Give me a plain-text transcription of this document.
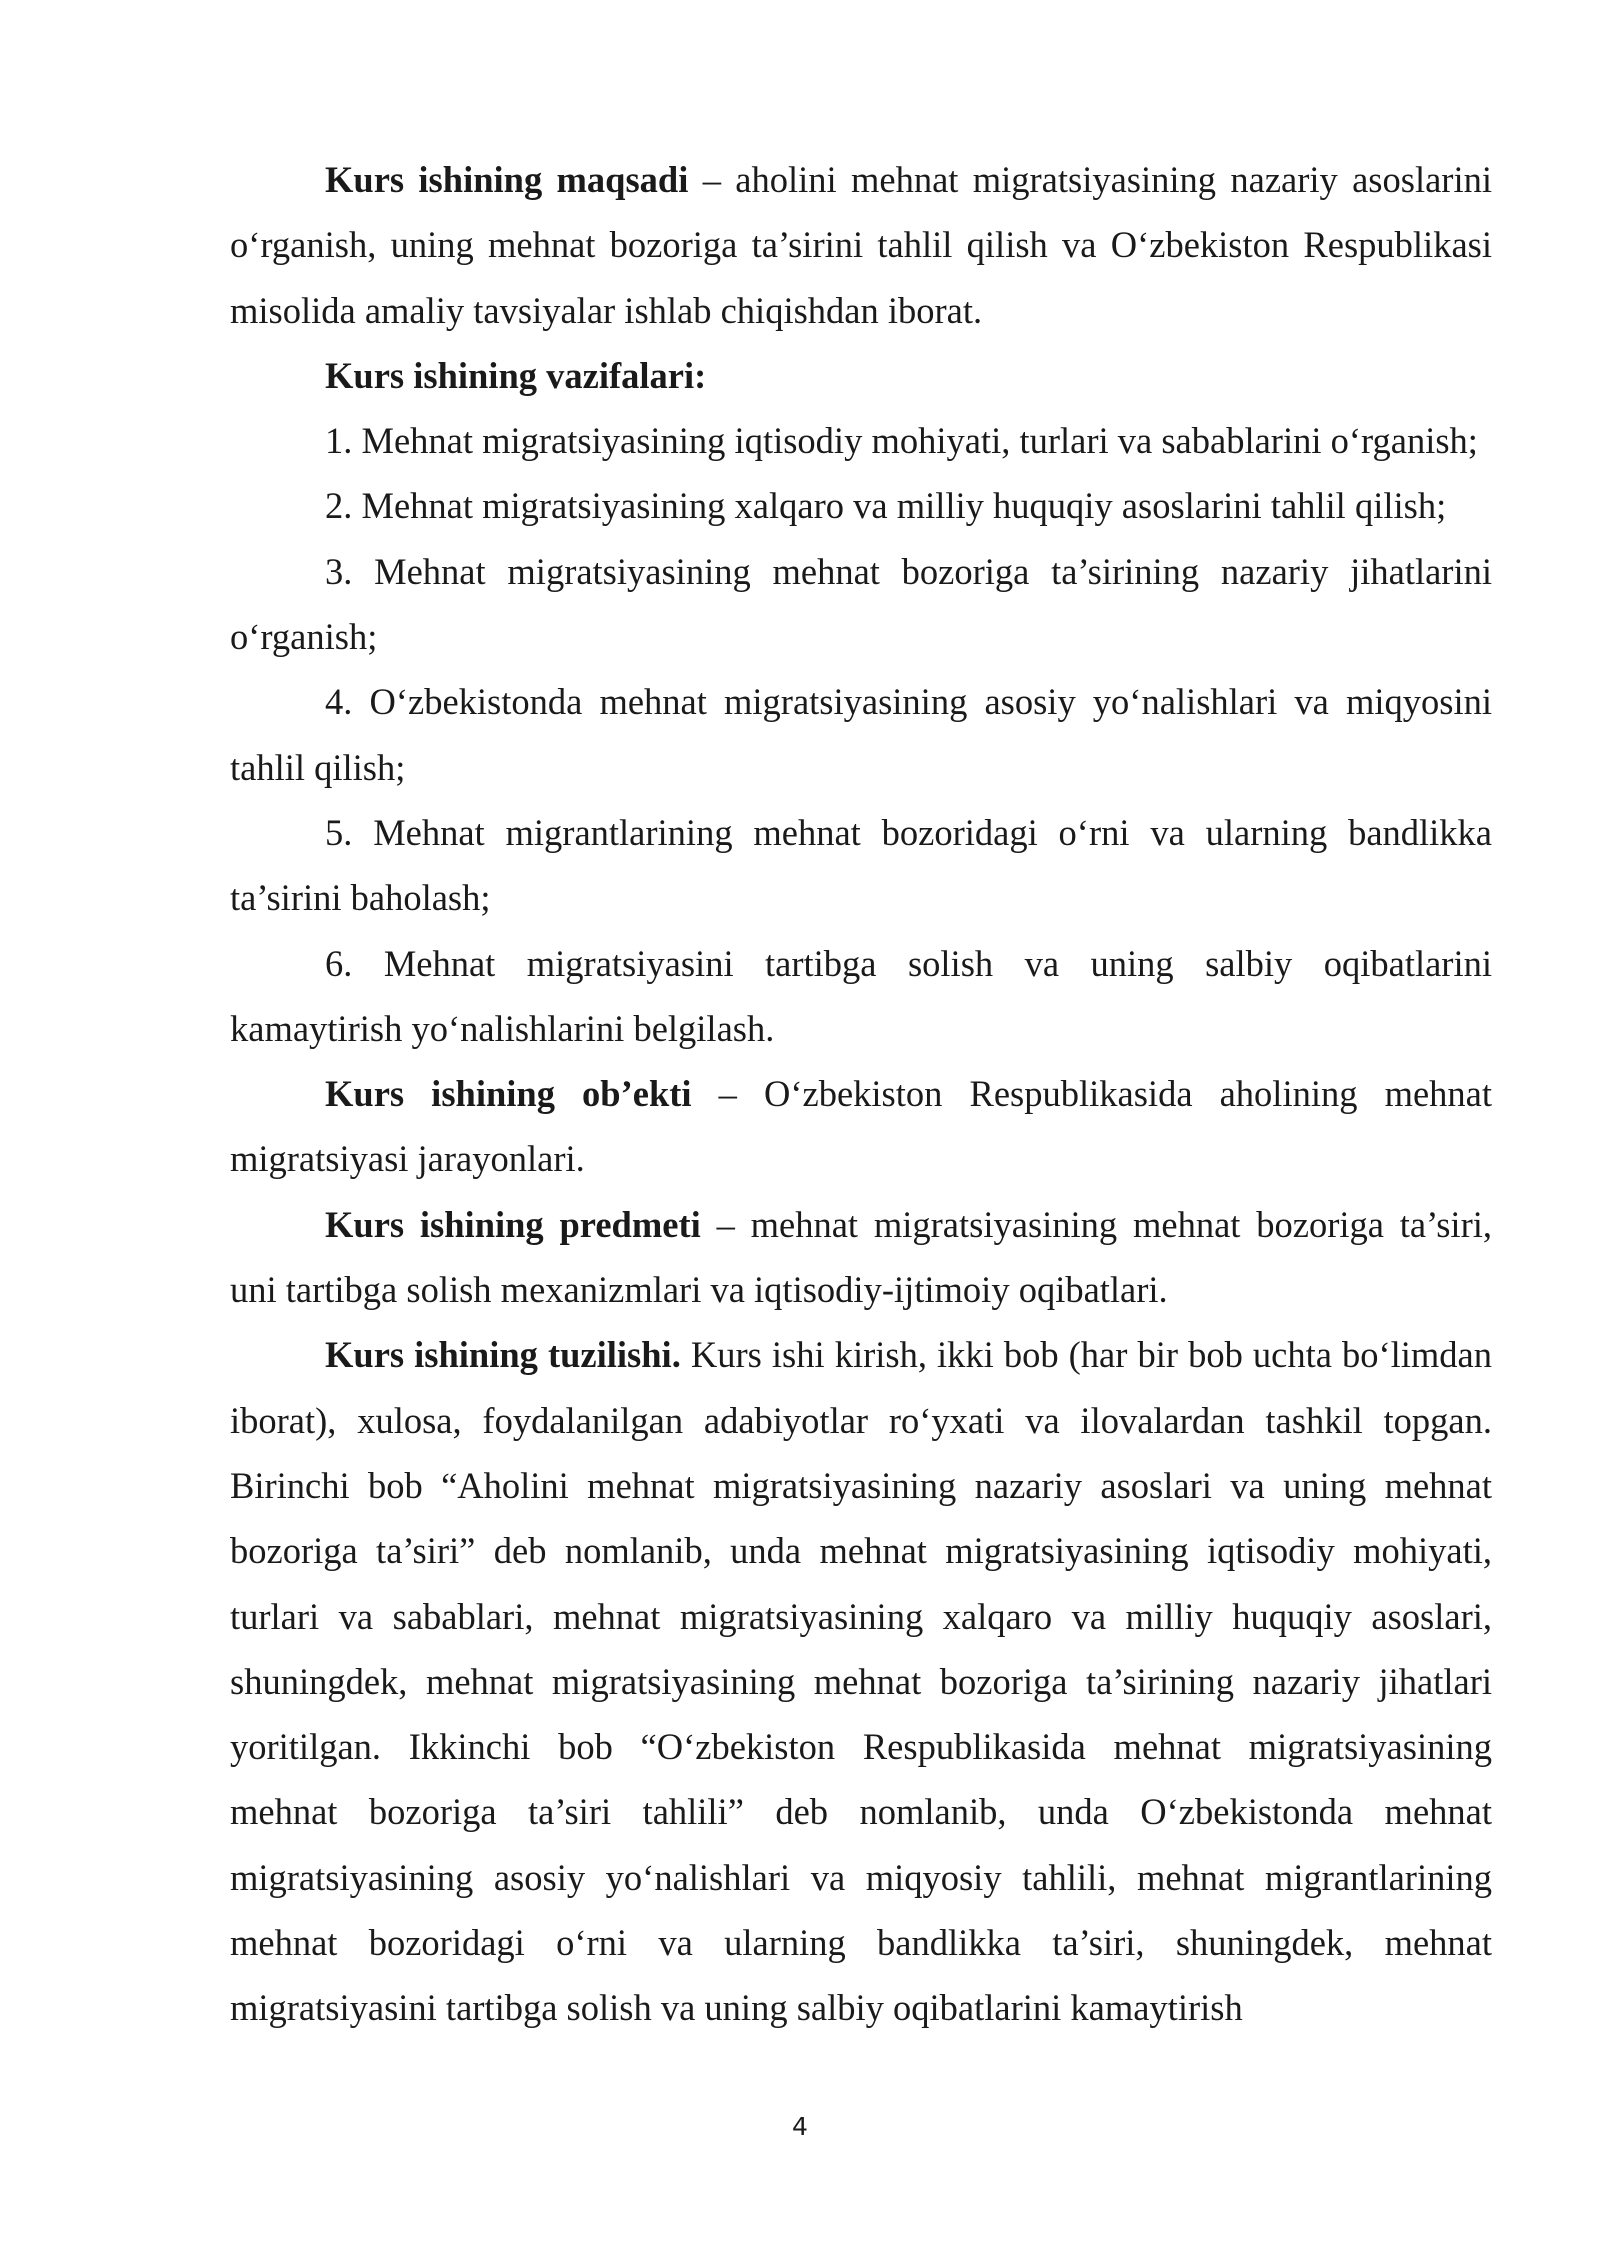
Kurs ishining maqsadi – aholini mehnat migratsiyasining nazariy asoslarini o‘rganish, uning mehnat bozoriga ta’sirini tahlil qilish va O‘zbekiston Respublikasi misolida amaliy tavsiyalar ishlab chiqishdan iborat.

Kurs ishining vazifalari:

1. Mehnat migratsiyasining iqtisodiy mohiyati, turlari va sabablarini o‘rganish;

2. Mehnat migratsiyasining xalqaro va milliy huquqiy asoslarini tahlil qilish;

3. Mehnat migratsiyasining mehnat bozoriga ta’sirining nazariy jihatlarini o‘rganish;

4. O‘zbekistonda mehnat migratsiyasining asosiy yo‘nalishlari va miqyosini tahlil qilish;

5. Mehnat migrantlarining mehnat bozoridagi o‘rni va ularning bandlikka ta’sirini baholash;

6. Mehnat migratsiyasini tartibga solish va uning salbiy oqibatlarini kamaytirish yo‘nalishlarini belgilash.

Kurs ishining ob’ekti – O‘zbekiston Respublikasida aholining mehnat migratsiyasi jarayonlari.

Kurs ishining predmeti – mehnat migratsiyasining mehnat bozoriga ta’siri, uni tartibga solish mexanizmlari va iqtisodiy-ijtimoiy oqibatlari.

Kurs ishining tuzilishi. Kurs ishi kirish, ikki bob (har bir bob uchta bo‘limdan iborat), xulosa, foydalanilgan adabiyotlar ro‘yxati va ilovalardan tashkil topgan. Birinchi bob “Aholini mehnat migratsiyasining nazariy asoslari va uning mehnat bozoriga ta’siri” deb nomlanib, unda mehnat migratsiyasining iqtisodiy mohiyati, turlari va sabablari, mehnat migratsiyasining xalqaro va milliy huquqiy asoslari, shuningdek, mehnat migratsiyasining mehnat bozoriga ta’sirining nazariy jihatlari yoritilgan. Ikkinchi bob “O‘zbekiston Respublikasida mehnat migratsiyasining mehnat bozoriga ta’siri tahlili” deb nomlanib, unda O‘zbekistonda mehnat migratsiyasining asosiy yo‘nalishlari va miqyosiy tahlili, mehnat migrantlarining mehnat bozoridagi o‘rni va ularning bandlikka ta’siri, shuningdek, mehnat migratsiyasini tartibga solish va uning salbiy oqibatlarini kamaytirish

4
